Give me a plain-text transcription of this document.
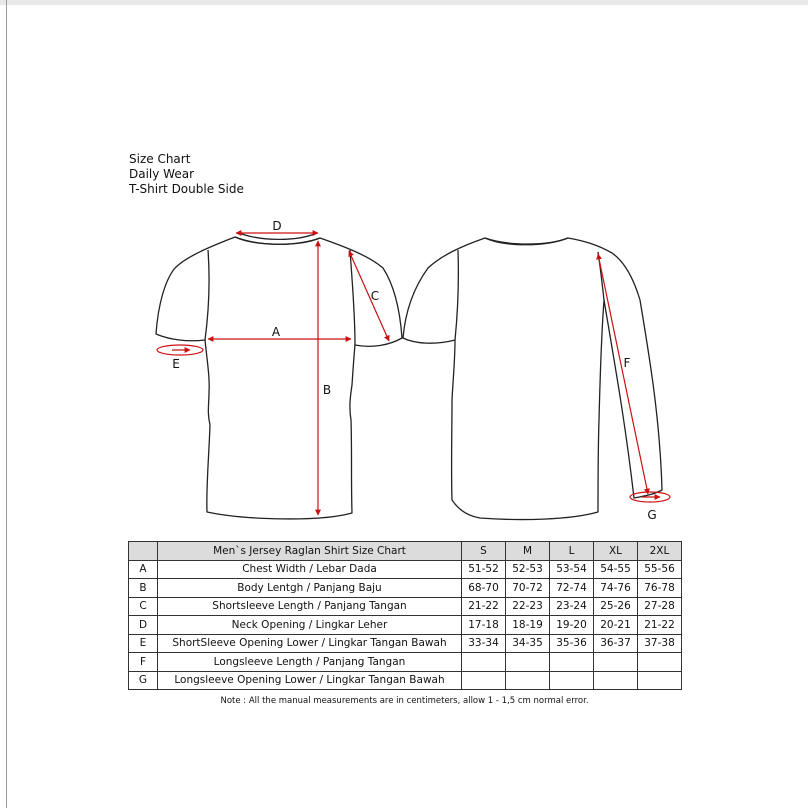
Size Chart
Daily Wear
T-Shirt Double Side
D
A
B
C
E	F
G
	Men`s Jersey Raglan Shirt Size Chart	S	M	L	XL	2XL
A	Chest Width / Lebar Dada	51-52	52-53	53-54	54-55	55-56
B	Body Lentgh / Panjang Baju	68-70	70-72	72-74	74-76	76-78
C	Shortsleeve Length / Panjang Tangan	21-22	22-23	23-24	25-26	27-28
D	Neck Opening / Lingkar Leher	17-18	18-19	19-20	20-21	21-22
E	ShortSleeve Opening Lower / Lingkar Tangan Bawah	33-34	34-35	35-36	36-37	37-38
F	Longsleeve Length / Panjang Tangan					
G	Longsleeve Opening Lower / Lingkar Tangan Bawah					
Note : All the manual measurements are in centimeters, allow 1 - 1,5 cm normal error.
